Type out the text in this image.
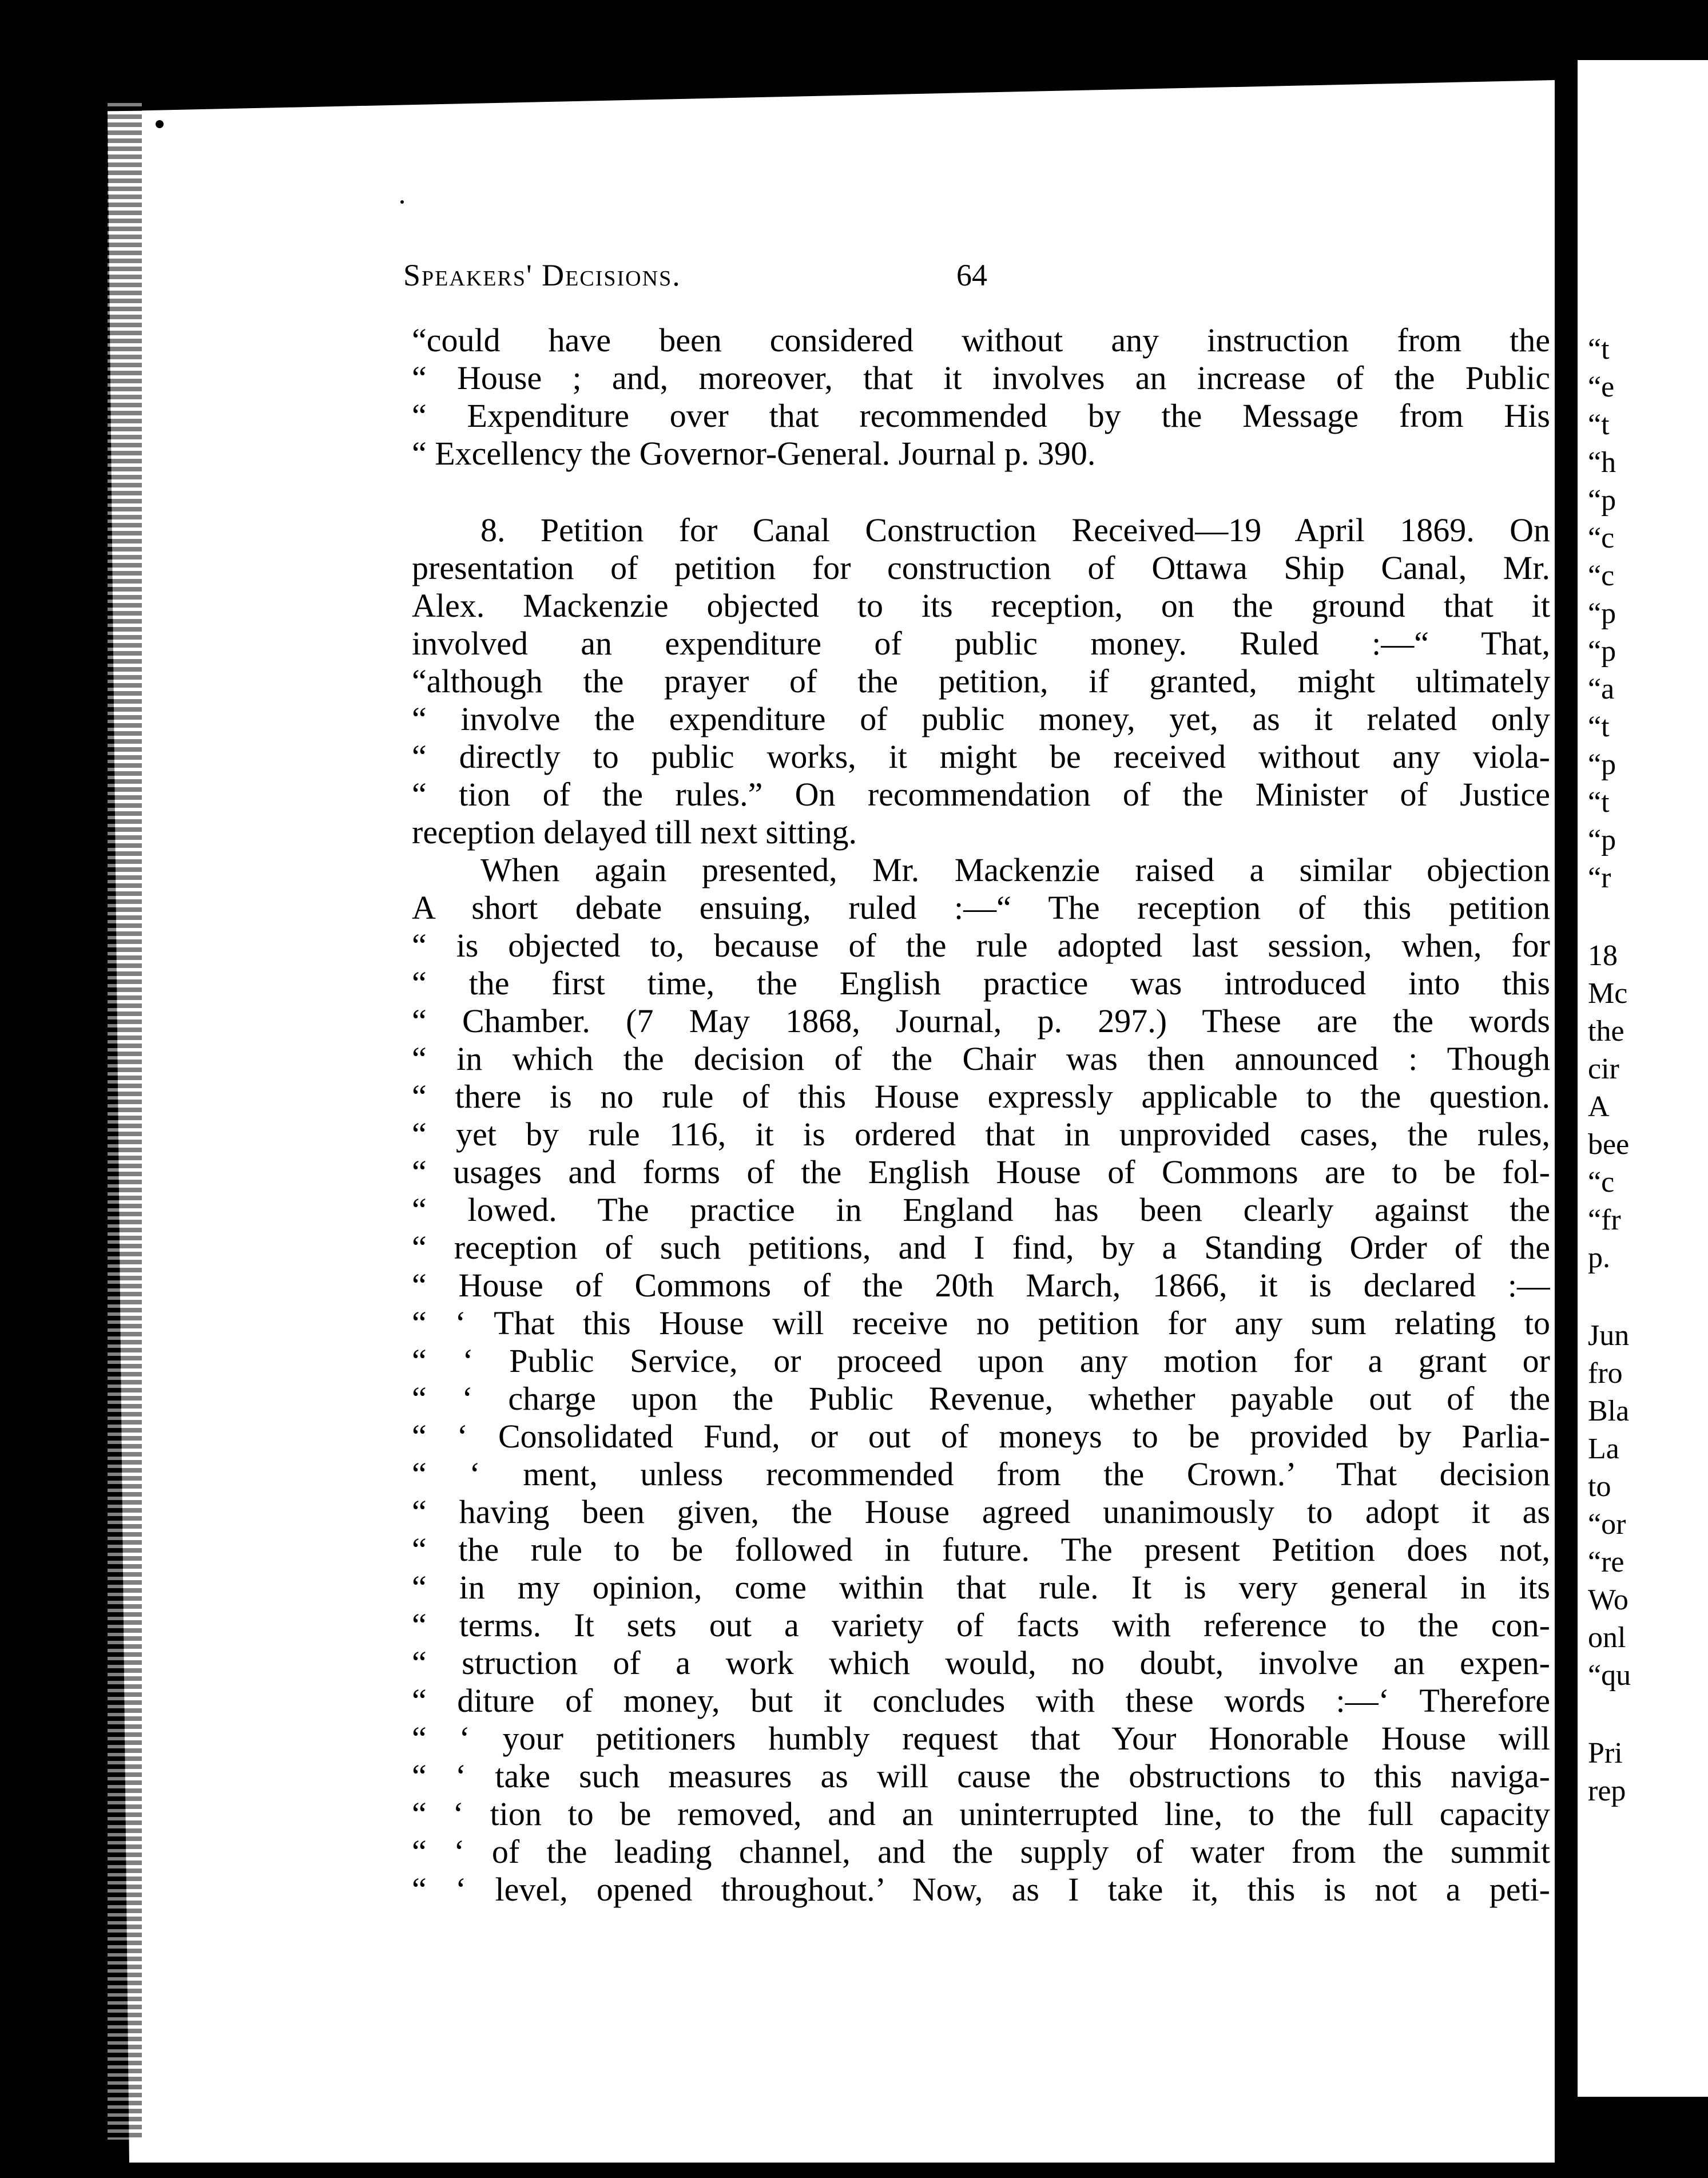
“t
“e
“t
“h
“p
“c
“c
“p
“p
“a
“t
“p
“t
“p
“r
18
Mc
the
cir
A
bee
“c
“fr
p.
Jun
fro
Bla
La
to
“or
“re
Wo
onl
“qu
Pri
rep
Speakers' Decisions.	64
“could have been considered without any instruction from the
“ House ; and, moreover, that it involves an increase of the Public
“ Expenditure over that recommended by the Message from His
“ Excellency the Governor-General. Journal p. 390.
8. Petition for Canal Construction Received—19 April 1869. On
presentation of petition for construction of Ottawa Ship Canal, Mr.
Alex. Mackenzie objected to its reception, on the ground that it
involved an expenditure of public money. Ruled :—“ That,
“although the prayer of the petition, if granted, might ultimately
“ involve the expenditure of public money, yet, as it related only
“ directly to public works, it might be received without any viola-
“ tion of the rules.” On recommendation of the Minister of Justice
reception delayed till next sitting.
When again presented, Mr. Mackenzie raised a similar objection
A short debate ensuing, ruled :—“ The reception of this petition
“ is objected to, because of the rule adopted last session, when, for
“ the first time, the English practice was introduced into this
“ Chamber. (7 May 1868, Journal, p. 297.) These are the words
“ in which the decision of the Chair was then announced : Though
“ there is no rule of this House expressly applicable to the question.
“ yet by rule 116, it is ordered that in unprovided cases, the rules,
“ usages and forms of the English House of Commons are to be fol-
“ lowed. The practice in England has been clearly against the
“ reception of such petitions, and I find, by a Standing Order of the
“ House of Commons of the 20th March, 1866, it is declared :—
“ ‘ That this House will receive no petition for any sum relating to
“ ‘ Public Service, or proceed upon any motion for a grant or
“ ‘ charge upon the Public Revenue, whether payable out of the
“ ‘ Consolidated Fund, or out of moneys to be provided by Parlia-
“ ‘ ment, unless recommended from the Crown.’ That decision
“ having been given, the House agreed unanimously to adopt it as
“ the rule to be followed in future. The present Petition does not,
“ in my opinion, come within that rule. It is very general in its
“ terms. It sets out a variety of facts with reference to the con-
“ struction of a work which would, no doubt, involve an expen-
“ diture of money, but it concludes with these words :—‘ Therefore
“ ‘ your petitioners humbly request that Your Honorable House will
“ ‘ take such measures as will cause the obstructions to this naviga-
“ ‘ tion to be removed, and an uninterrupted line, to the full capacity
“ ‘ of the leading channel, and the supply of water from the summit
“ ‘ level, opened throughout.’ Now, as I take it, this is not a peti-
